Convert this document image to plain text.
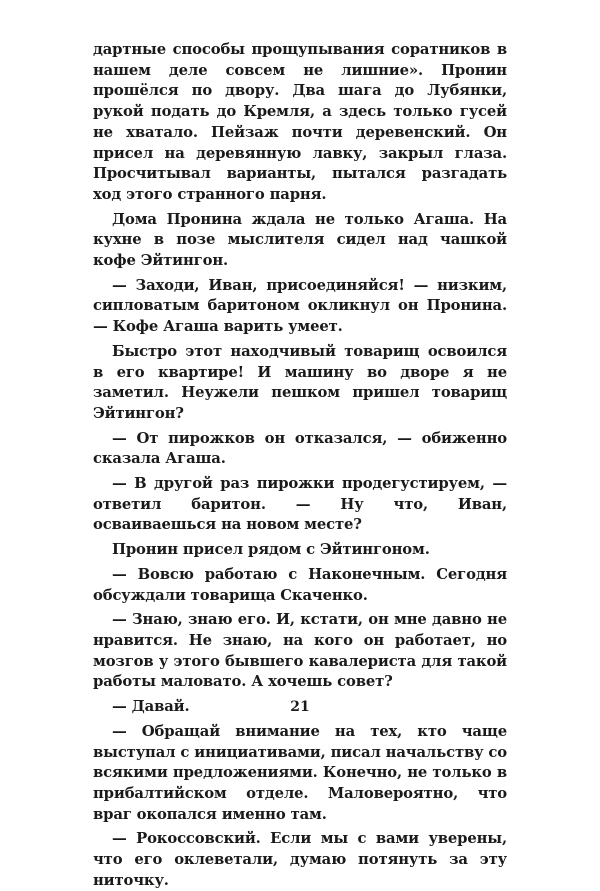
дартные способы прощупывания соратников в нашем деле совсем не лишние». Пронин прошёлся по двору. Два шага до Лубянки, рукой подать до Кремля, а здесь только гусей не хватало. Пейзаж почти деревенский. Он присел на деревянную лавку, закрыл глаза. Просчитывал варианты, пытался разгадать ход этого странного парня.

Дома Пронина ждала не только Агаша. На кухне в позе мыслителя сидел над чашкой кофе Эйтингон.

— Заходи, Иван, присоединяйся! — низким, сипловатым баритоном окликнул он Пронина. — Кофе Агаша варить умеет.

Быстро этот находчивый товарищ освоился в его квартире! И машину во дворе я не заметил. Неужели пешком пришел товарищ Эйтингон?

— От пирожков он отказался, — обиженно сказала Агаша.

— В другой раз пирожки продегустируем, — ответил баритон. — Ну что, Иван, осваиваешься на новом месте?

Пронин присел рядом с Эйтингоном.

— Вовсю работаю с Наконечным. Сегодня обсуждали товарища Скаченко.

— Знаю, знаю его. И, кстати, он мне давно не нравится. Не знаю, на кого он работает, но мозгов у этого бывшего кавалериста для такой работы маловато. А хочешь совет?

— Давай.

— Обращай внимание на тех, кто чаще выступал с инициативами, писал начальству со всякими предложениями. Конечно, не только в прибалтийском отделе. Маловероятно, что враг окопался именно там.

— Рокоссовский. Если мы с вами уверены, что его оклеветали, думаю потянуть за эту ниточку.

21
